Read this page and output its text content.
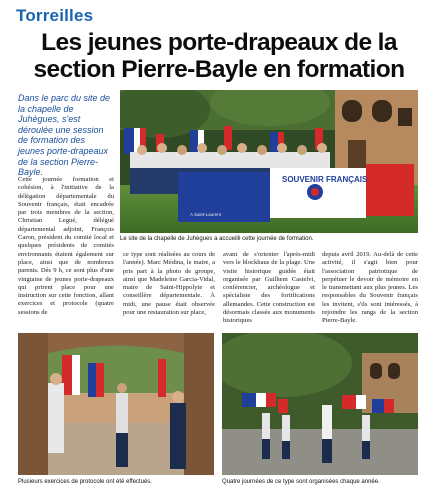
Torreilles
Les jeunes porte-drapeaux de la
section Pierre-Bayle en formation
Dans le parc du site de la chapelle de Juhègues, s'est déroulée une session de formation des jeunes porte-drapeaux de la section Pierre-Bayle.
Cette journée formation et cohésion, à l'initiative de la délégation départementale du Souvenir français, était encadrée par trois membres de la section, Christian Legué, délégué départemental adjoint, François Caron, président du comité local et quelques présidents de comités environnants étaient également sur place, ainsi que de nombreux parents. Dès 9 h, ce sont plus d'une vingtaine de jeunes porte-drapeaux qui prirent place pour une instruction sur cette fonction, allant exercices et protocole (quatre sessions de
ce type sont réalisées au cours de l'année). Marc Médina, le maire, a pris part à la photo de groupe, ainsi que Madeleine Garcia-Vidal, maire de Saint-Hippolyte et conseillère départementale. À midi, une pause était observée pour une restauration sur place,
avant de s'orienter l'après-midi vers le blockhaus de la plage. Une visite historique guidée était organisée par Guilhem Castelvi, conférencier, archéologue et spécialiste des fortifications allemandes. Cette construction est désormais classée aux monuments historiques
depuis avril 2019. Au-delà de cette activité, il s'agit bien pour l'association patriotique de perpétuer le devoir de mémoire en le transmettant aux plus jeunes. Les responsables du Souvenir français les invitent, s'ils sont intéressés, à rejoindre les rangs de la section Pierre-Bayle.
SOUVENIR FRANÇAIS
A Saint-Laurent
Le site de la chapelle de Juhègues a accueilli cette journée de formation.
Plusieurs exercices de protocole ont été effectués.	Quatre journées de ce type sont organisées chaque année.
